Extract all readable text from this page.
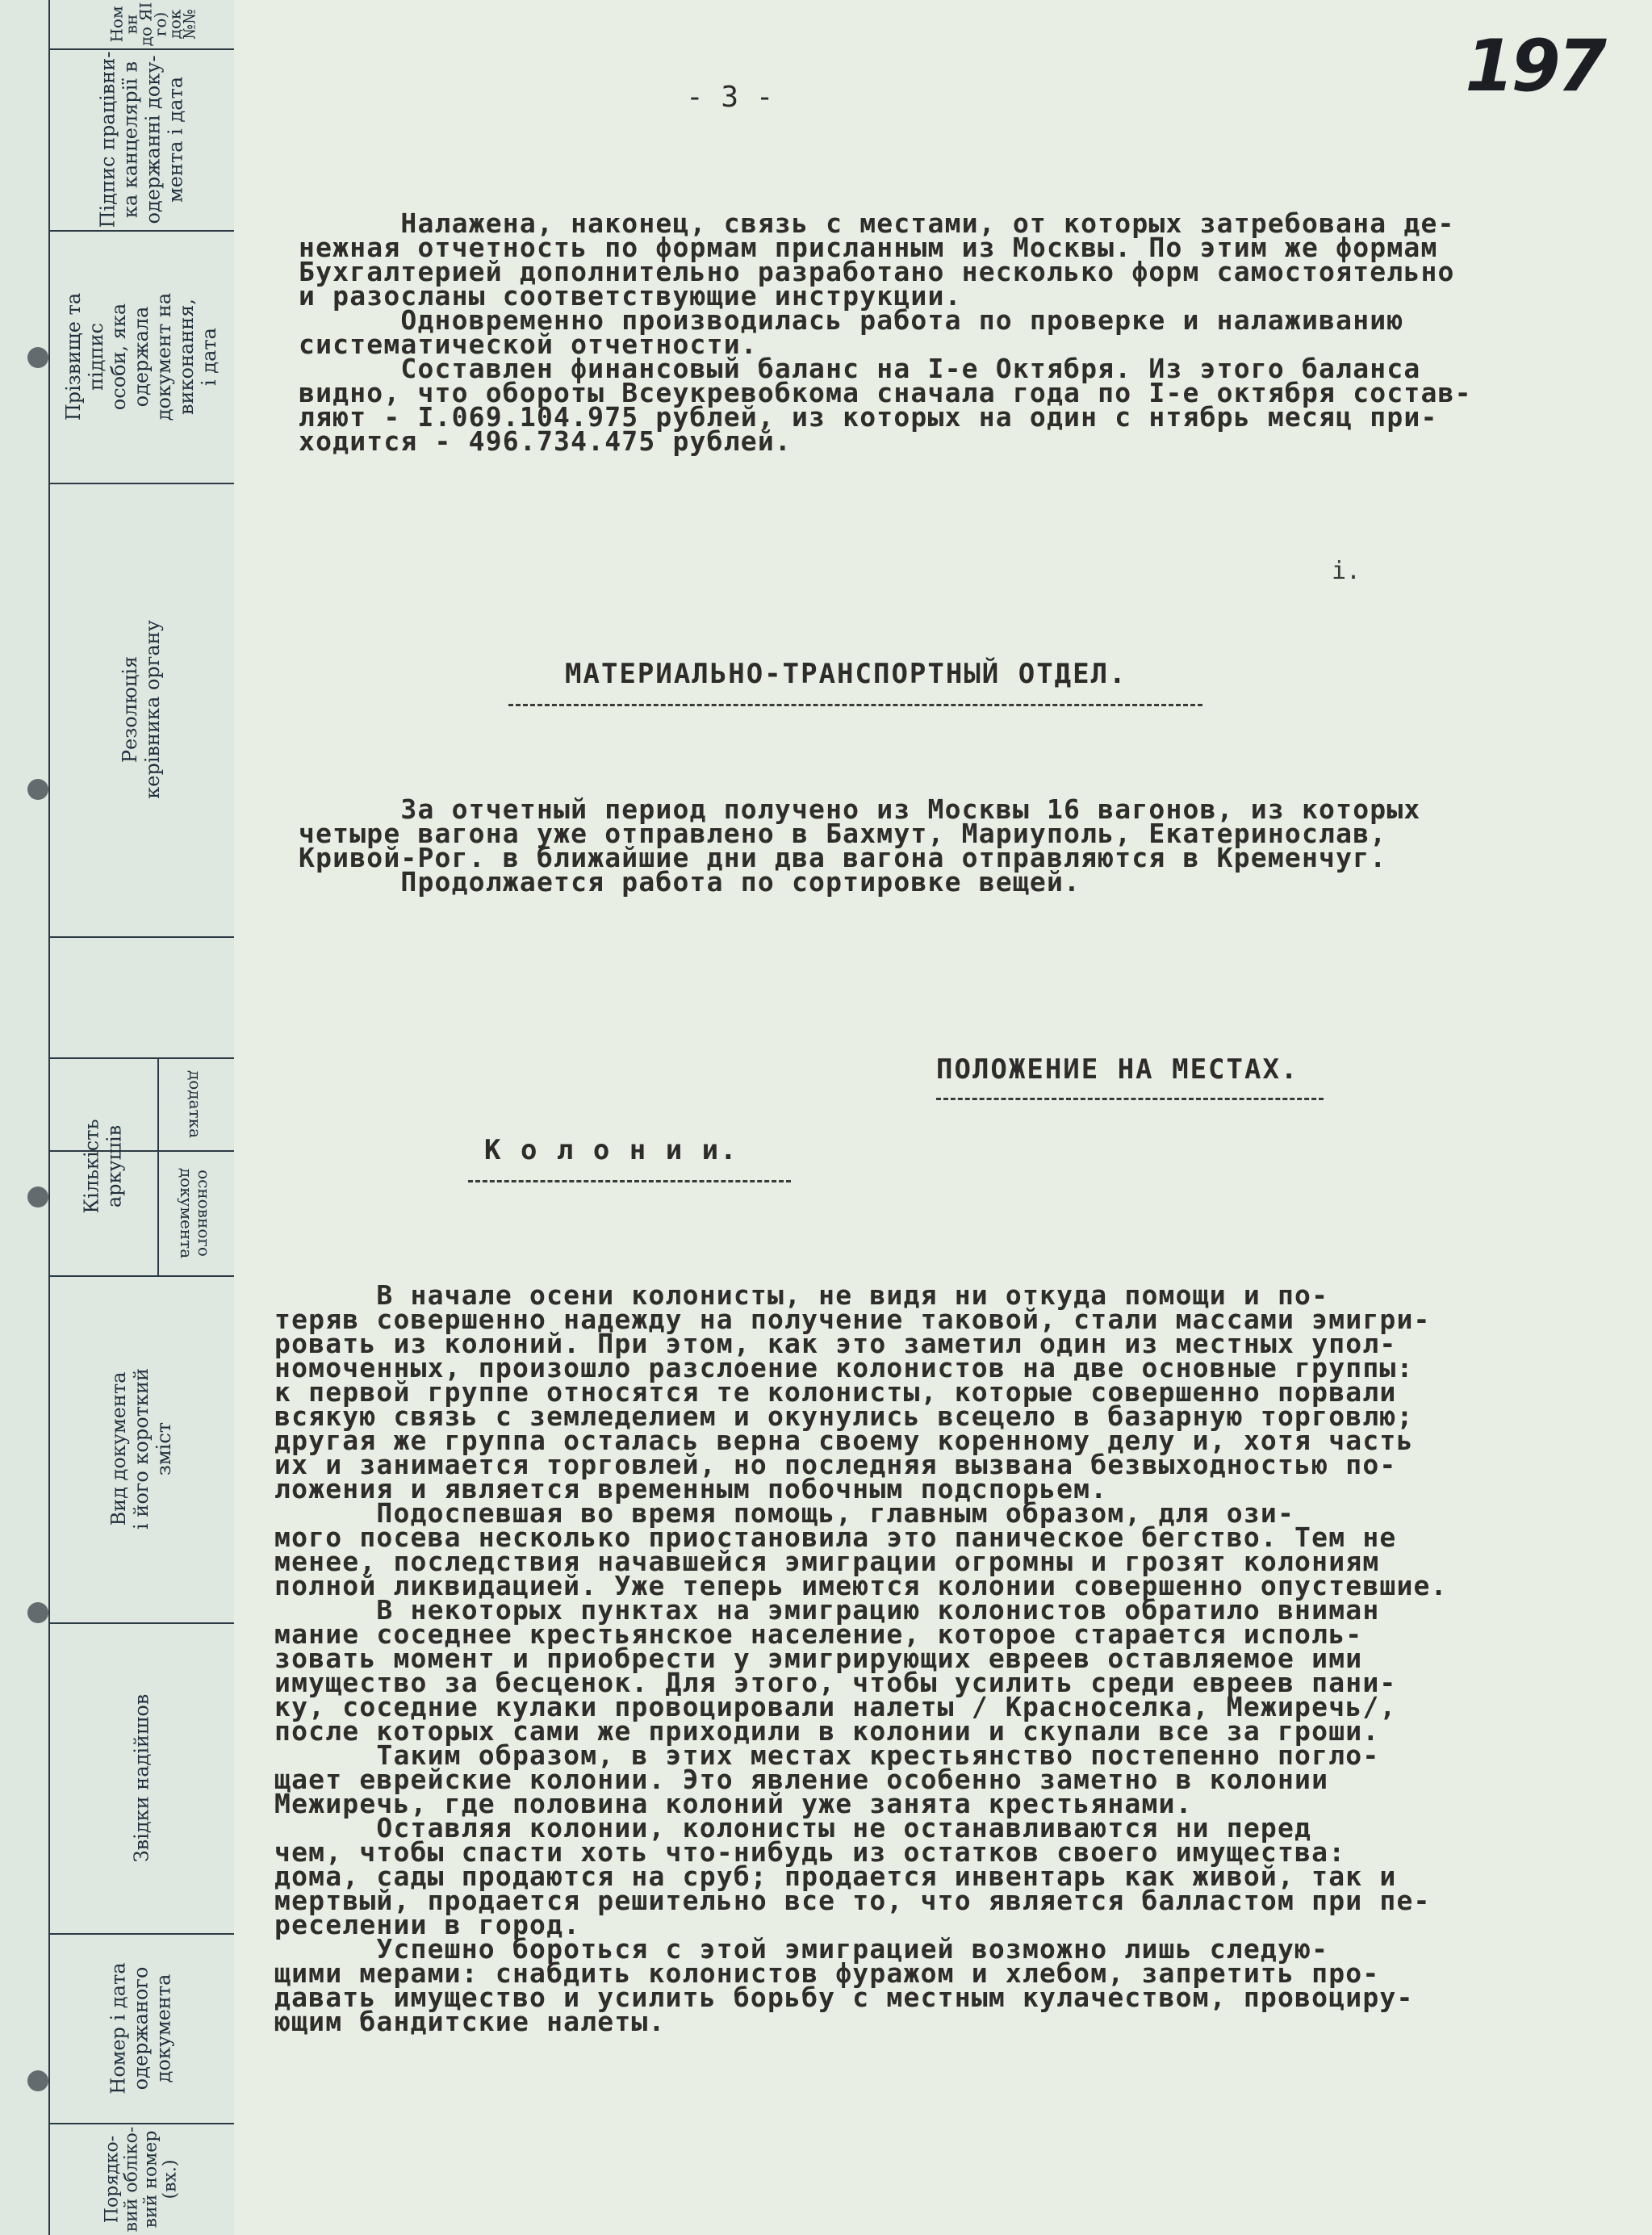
Ном
вн
до ЯІ
го)
док
№№
Підпис працівни-
ка канцелярії в
одержанні доку-
мента і дата
Прізвище та підпис
особи, яка одержала
документ на виконання,
і дата
Резолюція
керівника органу
додатка
основного
документа
Кількість
аркушів
Вид документа
і його короткий зміст
Звідки надійшов
Номер і дата
одержаного
документа
Порядко-
вий обліко-
вий номер
(вх.)
197
- 3 -
Налажена, наконец, связь с местами, от которых затребована де-
нежная отчетность по формам присланным из Москвы. По этим же формам
Бухгалтерией дополнительно разработано несколько форм самостоятельно
и разосланы соответствующие инструкции.
Одновременно производилась работа по проверке и налаживанию
систематической отчетности.
Составлен финансовый баланс на I-е Октября. Из этого баланса
видно, что обороты Всеукревобкома сначала года по I-е октября состав-
ляют - I.069.104.975 рублей, из которых на один с нтябрь месяц при-
ходится - 496.734.475 рублей.
i.
МАТЕРИАЛЬНО-ТРАНСПОРТНЫЙ ОТДЕЛ.
За отчетный период получено из Москвы 16 вагонов, из которых
четыре вагона уже отправлено в Бахмут, Мариуполь, Екатеринослав,
Кривой-Рог. в ближайшие дни два вагона отправляются в Кременчуг.
Продолжается работа по сортировке вещей.
ПОЛОЖЕНИЕ НА МЕСТАХ.
К о л о н и и.
В начале осени колонисты, не видя ни откуда помощи и по-
теряв совершенно надежду на получение таковой, стали массами эмигри-
ровать из колоний. При этом, как это заметил один из местных упол-
номоченных, произошло разслоение колонистов на две основные группы:
к первой группе относятся те колонисты, которые совершенно порвали
всякую связь с земледелием и окунулись всецело в базарную торговлю;
другая же группа осталась верна своему коренному делу и, хотя часть
их и занимается торговлей, но последняя вызвана безвыходностью по-
ложения и является временным побочным подспорьем.
Подоспевшая во время помощь, главным образом, для ози-
мого посева несколько приостановила это паническое бегство. Тем не
менее, последствия начавшейся эмиграции огромны и грозят колониям
полной ликвидацией. Уже теперь имеются колонии совершенно опустевшие.
В некоторых пунктах на эмиграцию колонистов обратило вниман
мание соседнее крестьянское население, которое старается исполь-
зовать момент и приобрести у эмигрирующих евреев оставляемое ими
имущество за бесценок. Для этого, чтобы усилить среди евреев пани-
ку, соседние кулаки провоцировали налеты / Красноселка, Межиречь/,
после которых сами же приходили в колонии и скупали все за гроши.
Таким образом, в этих местах крестьянство постепенно погло-
щает еврейские колонии. Это явление особенно заметно в колонии
Межиречь, где половина колоний уже занята крестьянами.
Оставляя колонии, колонисты не останавливаются ни перед
чем, чтобы спасти хоть что-нибудь из остатков своего имущества:
дома, сады продаются на сруб; продается инвентарь как живой, так и
мертвый, продается решительно все то, что является балластом при пе-
реселении в город.
Успешно бороться с этой эмиграцией возможно лишь следую-
щими мерами: снабдить колонистов фуражом и хлебом, запретить про-
давать имущество и усилить борьбу с местным кулачеством, провоциру-
ющим бандитские налеты.
